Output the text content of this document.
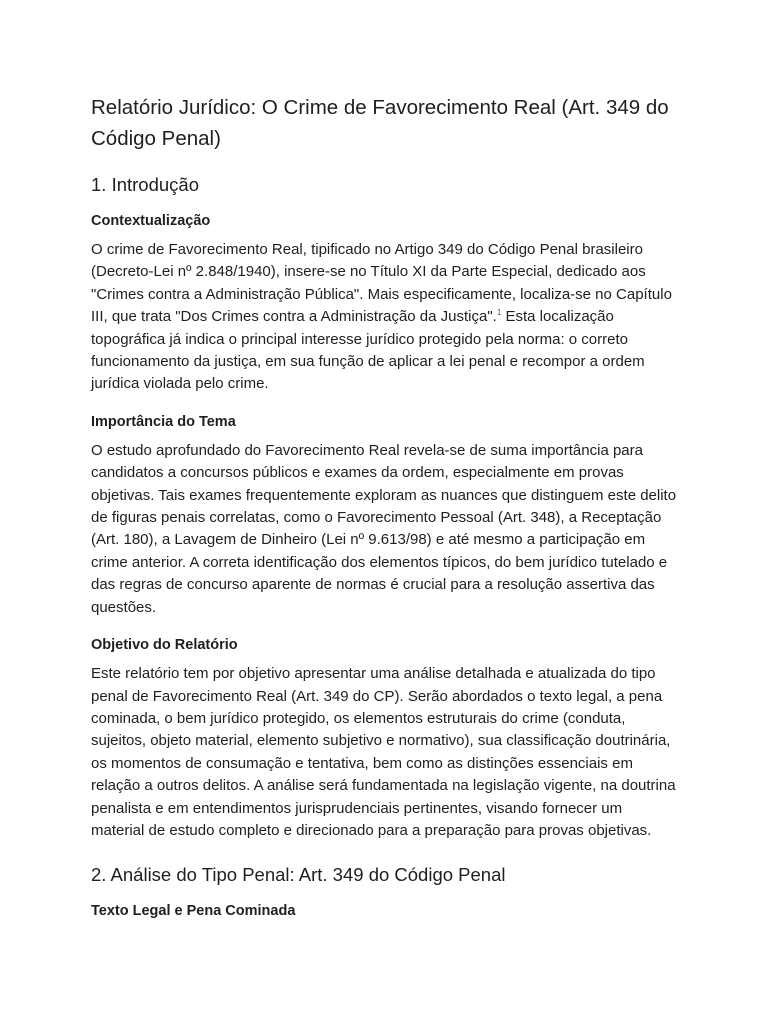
Relatório Jurídico: O Crime de Favorecimento Real (Art. 349 do Código Penal)
1. Introdução
Contextualização

O crime de Favorecimento Real, tipificado no Artigo 349 do Código Penal brasileiro (Decreto-Lei nº 2.848/1940), insere-se no Título XI da Parte Especial, dedicado aos "Crimes contra a Administração Pública". Mais especificamente, localiza-se no Capítulo III, que trata "Dos Crimes contra a Administração da Justiça".$^1$ Esta localização topográfica já indica o principal interesse jurídico protegido pela norma: o correto funcionamento da justiça, em sua função de aplicar a lei penal e recompor a ordem jurídica violada pelo crime.

Importância do Tema

O estudo aprofundado do Favorecimento Real revela-se de suma importância para candidatos a concursos públicos e exames da ordem, especialmente em provas objetivas. Tais exames frequentemente exploram as nuances que distinguem este delito de figuras penais correlatas, como o Favorecimento Pessoal (Art. 348), a Receptação (Art. 180), a Lavagem de Dinheiro (Lei nº 9.613/98) e até mesmo a participação em crime anterior. A correta identificação dos elementos típicos, do bem jurídico tutelado e das regras de concurso aparente de normas é crucial para a resolução assertiva das questões.

Objetivo do Relatório

Este relatório tem por objetivo apresentar uma análise detalhada e atualizada do tipo penal de Favorecimento Real (Art. 349 do CP). Serão abordados o texto legal, a pena cominada, o bem jurídico protegido, os elementos estruturais do crime (conduta, sujeitos, objeto material, elemento subjetivo e normativo), sua classificação doutrinária, os momentos de consumação e tentativa, bem como as distinções essenciais em relação a outros delitos. A análise será fundamentada na legislação vigente, na doutrina penalista e em entendimentos jurisprudenciais pertinentes, visando fornecer um material de estudo completo e direcionado para a preparação para provas objetivas.

2. Análise do Tipo Penal: Art. 349 do Código Penal
Texto Legal e Pena Cominada
